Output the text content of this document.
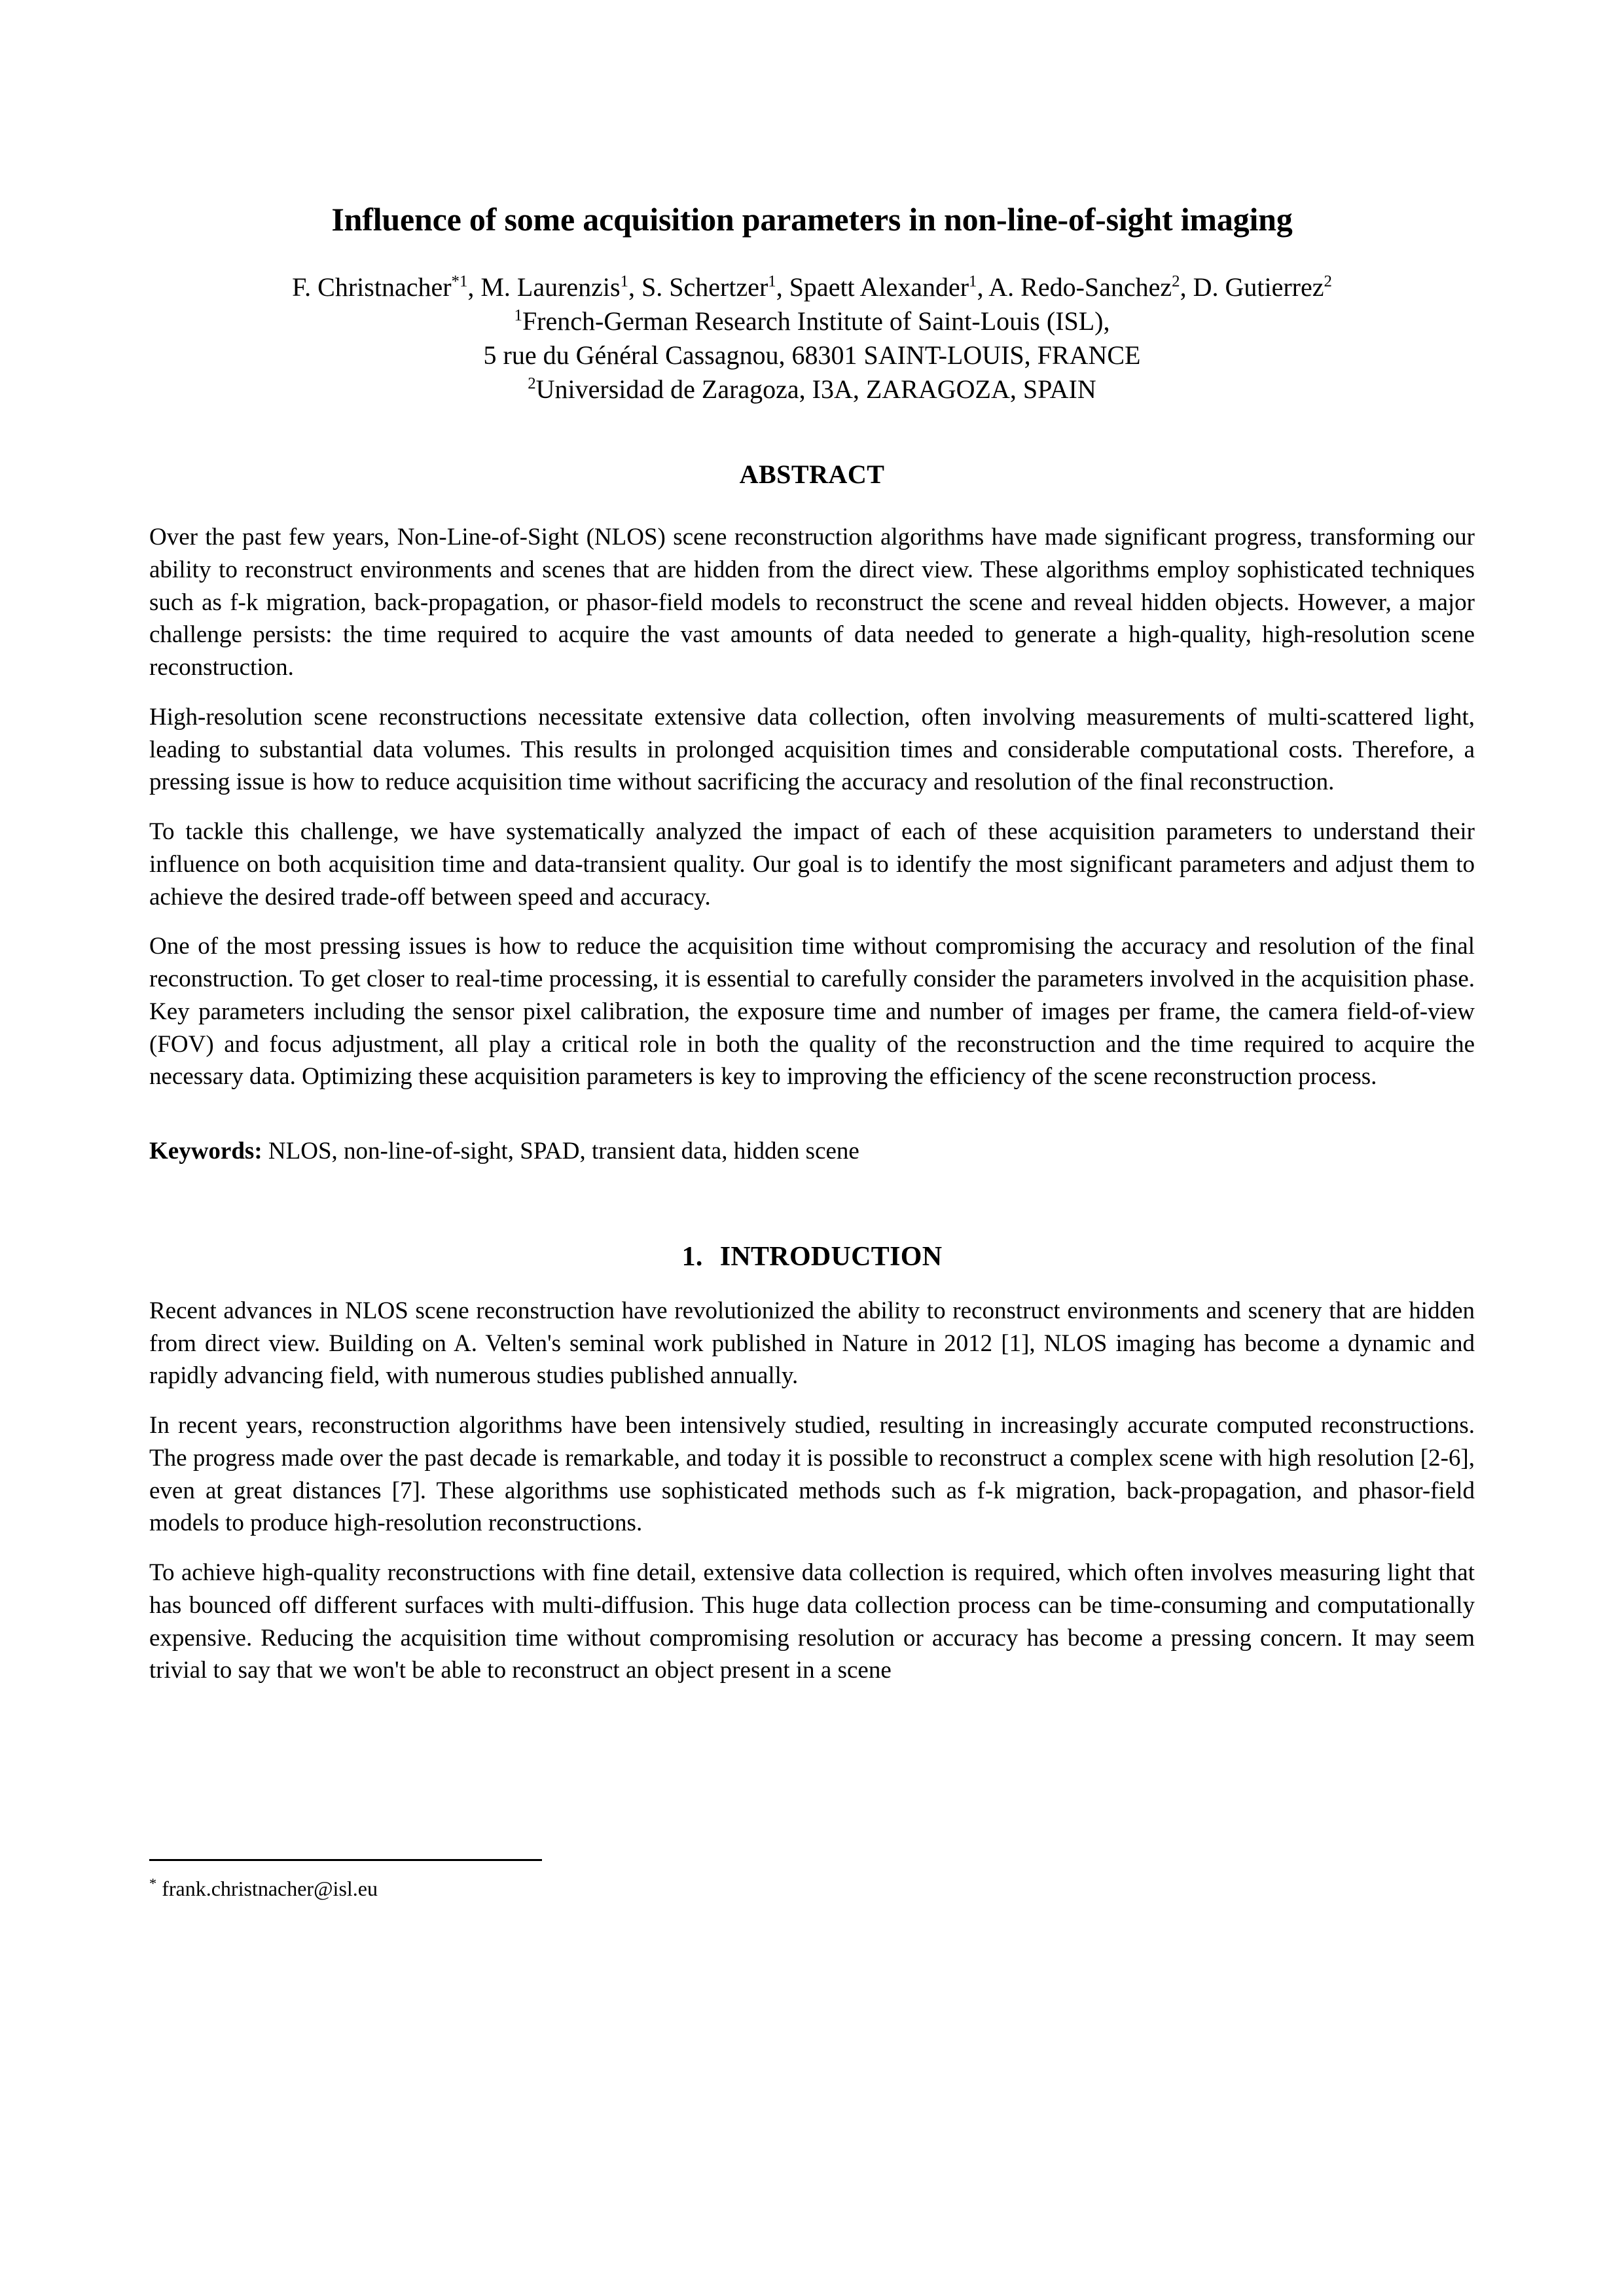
Influence of some acquisition parameters in non-line-of-sight imaging
F. Christnacher$^{*1}$, M. Laurenzis$^1$, S. Schertzer$^1$, Spaett Alexander$^1$, A. Redo-Sanchez$^2$, D. Gutierrez$^2$
$^1$French-German Research Institute of Saint-Louis (ISL),
5 rue du Général Cassagnou, 68301 SAINT-LOUIS, FRANCE
$^2$Universidad de Zaragoza, I3A, ZARAGOZA, SPAIN
ABSTRACT

Over the past few years, Non-Line-of-Sight (NLOS) scene reconstruction algorithms have made significant progress, transforming our ability to reconstruct environments and scenes that are hidden from the direct view. These algorithms employ sophisticated techniques such as f-k migration, back-propagation, or phasor-field models to reconstruct the scene and reveal hidden objects. However, a major challenge persists: the time required to acquire the vast amounts of data needed to generate a high-quality, high-resolution scene reconstruction.

High-resolution scene reconstructions necessitate extensive data collection, often involving measurements of multi-scattered light, leading to substantial data volumes. This results in prolonged acquisition times and considerable computational costs. Therefore, a pressing issue is how to reduce acquisition time without sacrificing the accuracy and resolution of the final reconstruction.

To tackle this challenge, we have systematically analyzed the impact of each of these acquisition parameters to understand their influence on both acquisition time and data-transient quality. Our goal is to identify the most significant parameters and adjust them to achieve the desired trade-off between speed and accuracy.

One of the most pressing issues is how to reduce the acquisition time without compromising the accuracy and resolution of the final reconstruction. To get closer to real-time processing, it is essential to carefully consider the parameters involved in the acquisition phase. Key parameters including the sensor pixel calibration, the exposure time and number of images per frame, the camera field-of-view (FOV) and focus adjustment, all play a critical role in both the quality of the reconstruction and the time required to acquire the necessary data. Optimizing these acquisition parameters is key to improving the efficiency of the scene reconstruction process.

Keywords: NLOS, non-line-of-sight, SPAD, transient data, hidden scene

1. INTRODUCTION

Recent advances in NLOS scene reconstruction have revolutionized the ability to reconstruct environments and scenery that are hidden from direct view. Building on A. Velten's seminal work published in Nature in 2012 [1], NLOS imaging has become a dynamic and rapidly advancing field, with numerous studies published annually.

In recent years, reconstruction algorithms have been intensively studied, resulting in increasingly accurate computed reconstructions. The progress made over the past decade is remarkable, and today it is possible to reconstruct a complex scene with high resolution [2-6], even at great distances [7]. These algorithms use sophisticated methods such as f-k migration, back-propagation, and phasor-field models to produce high-resolution reconstructions.

To achieve high-quality reconstructions with fine detail, extensive data collection is required, which often involves measuring light that has bounced off different surfaces with multi-diffusion. This huge data collection process can be time-consuming and computationally expensive. Reducing the acquisition time without compromising resolution or accuracy has become a pressing concern. It may seem trivial to say that we won't be able to reconstruct an object present in a scene

* frank.christnacher@isl.eu
